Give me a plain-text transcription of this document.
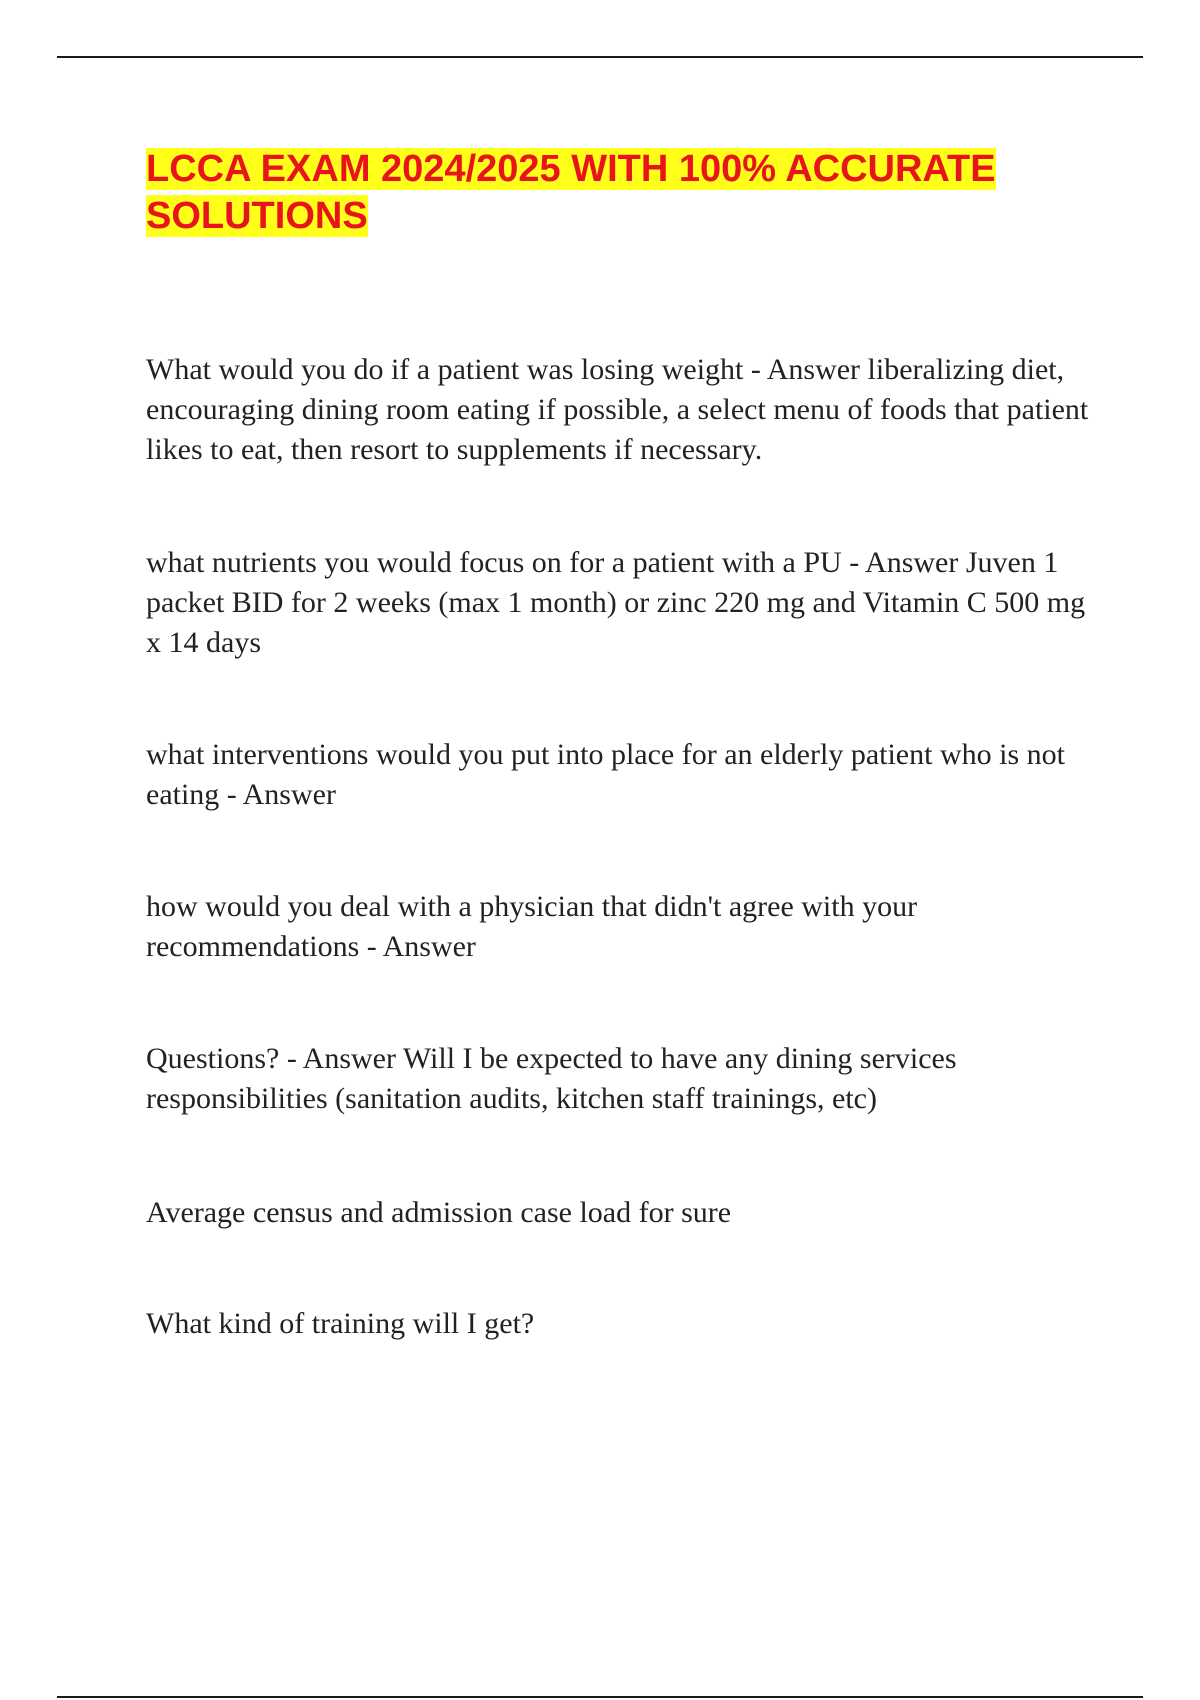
LCCA EXAM 2024/2025 WITH 100% ACCURATE SOLUTIONS

What would you do if a patient was losing weight - Answer liberalizing diet, encouraging dining room eating if possible, a select menu of foods that patient likes to eat, then resort to supplements if necessary.

what nutrients you would focus on for a patient with a PU - Answer Juven 1 packet BID for 2 weeks (max 1 month) or zinc 220 mg and Vitamin C 500 mg x 14 days

what interventions would you put into place for an elderly patient who is not eating - Answer

how would you deal with a physician that didn't agree with your recommendations - Answer

Questions? - Answer Will I be expected to have any dining services responsibilities (sanitation audits, kitchen staff trainings, etc)

Average census and admission case load for sure

What kind of training will I get?
